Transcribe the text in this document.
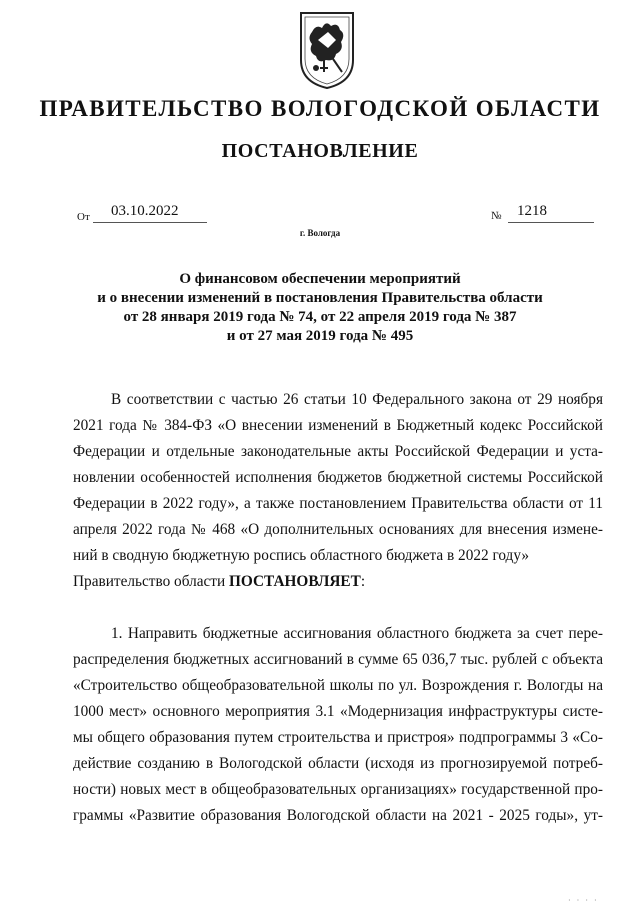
ПРАВИТЕЛЬСТВО ВОЛОГОДСКОЙ ОБЛАСТИ
ПОСТАНОВЛЕНИЕ
От 03.10.2022	№ 1218
г. Вологда
О финансовом обеспечении мероприятий
и о внесении изменений в постановления Правительства области
от 28 января 2019 года № 74, от 22 апреля 2019 года № 387
и от 27 мая 2019 года № 495
В соответствии с частью 26 статьи 10 Федерального закона от 29 ноября
2021 года № 384-ФЗ «О внесении изменений в Бюджетный кодекс Российской
Федерации и отдельные законодательные акты Российской Федерации и уста-
новлении особенностей исполнения бюджетов бюджетной системы Российской
Федерации в 2022 году», а также постановлением Правительства области от 11
апреля 2022 года № 468 «О дополнительных основаниях для внесения измене-
ний в сводную бюджетную роспись областного бюджета в 2022 году»
Правительство области ПОСТАНОВЛЯЕТ:
1. Направить бюджетные ассигнования областного бюджета за счет пере-
распределения бюджетных ассигнований в сумме 65 036,7 тыс. рублей с объекта
«Строительство общеобразовательной школы по ул. Возрождения г. Вологды на
1000 мест» основного мероприятия 3.1 «Модернизация инфраструктуры систе-
мы общего образования путем строительства и пристроя» подпрограммы 3 «Со-
действие созданию в Вологодской области (исходя из прогнозируемой потреб-
ности) новых мест в общеобразовательных организациях» государственной про-
граммы «Развитие образования Вологодской области на 2021 - 2025 годы», ут-
· · · ·
